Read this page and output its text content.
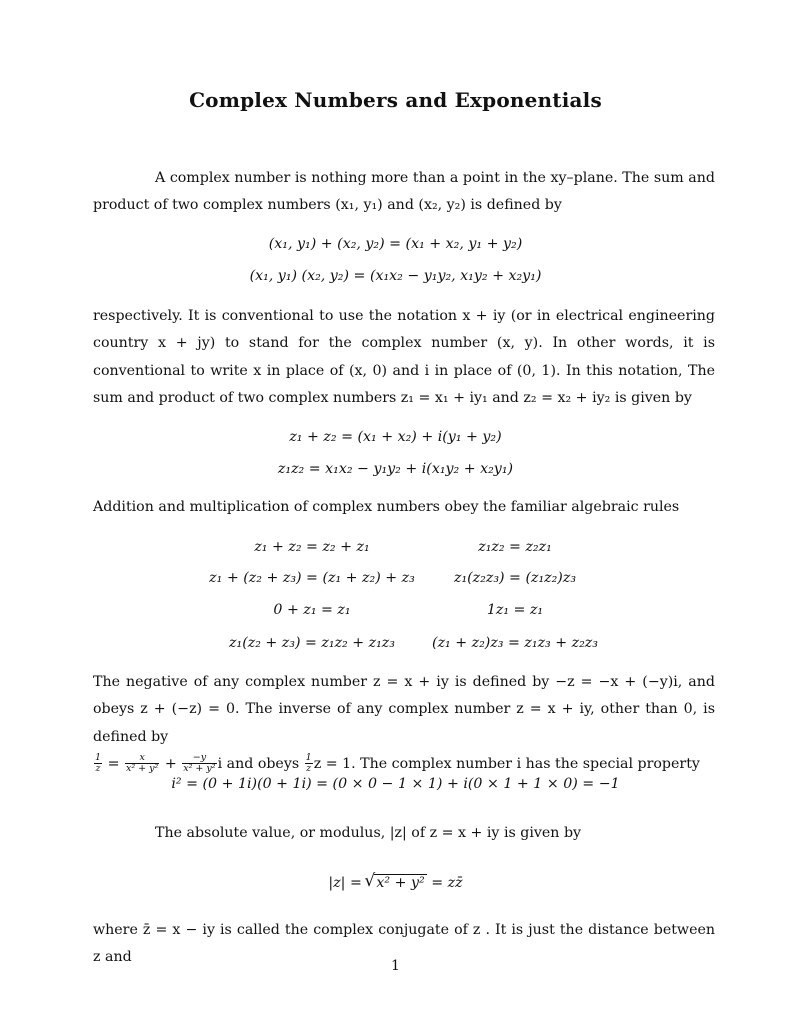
Complex Numbers and Exponentials
A complex number is nothing more than a point in the xy–plane. The sum and product of two complex numbers (x₁, y₁) and (x₂, y₂) is defined by
(x₁, y₁) + (x₂, y₂) = (x₁ + x₂, y₁ + y₂)
(x₁, y₁) (x₂, y₂) = (x₁x₂ − y₁y₂, x₁y₂ + x₂y₁)
respectively. It is conventional to use the notation x + iy (or in electrical engineering country x + jy) to stand for the complex number (x, y). In other words, it is conventional to write x in place of (x, 0) and i in place of (0, 1). In this notation, The sum and product of two complex numbers z₁ = x₁ + iy₁ and z₂ = x₂ + iy₂ is given by
z₁ + z₂ = (x₁ + x₂) + i(y₁ + y₂)
z₁z₂ = x₁x₂ − y₁y₂ + i(x₁y₂ + x₂y₁)
Addition and multiplication of complex numbers obey the familiar algebraic rules
z₁ + z₂ = z₂ + z₁
z₁ + (z₂ + z₃) = (z₁ + z₂) + z₃
0 + z₁ = z₁
z₁(z₂ + z₃) = z₁z₂ + z₁z₃
z₁z₂ = z₂z₁
z₁(z₂z₃) = (z₁z₂)z₃
1z₁ = z₁
(z₁ + z₂)z₃ = z₁z₃ + z₂z₃
The negative of any complex number z = x + iy is defined by −z = −x + (−y)i, and obeys z + (−z) = 0. The inverse of any complex number z = x + iy, other than 0, is defined by

$\frac{1}{z} = \frac{x}{\text{x² + y²}} + \frac{-y}{\text{x² + y²}}$ i and obeys $\frac{1}{z}$ z = 1. The complex number i has the special property
i² = (0 + 1i)(0 + 1i) = (0 × 0 − 1 × 1) + i(0 × 1 + 1 × 0) = −1
The absolute value, or modulus, |z| of z = x + iy is given by
|z| = √ x² + y² = zz̄
where z̄ = x − iy is called the complex conjugate of z . It is just the distance between z and
1
